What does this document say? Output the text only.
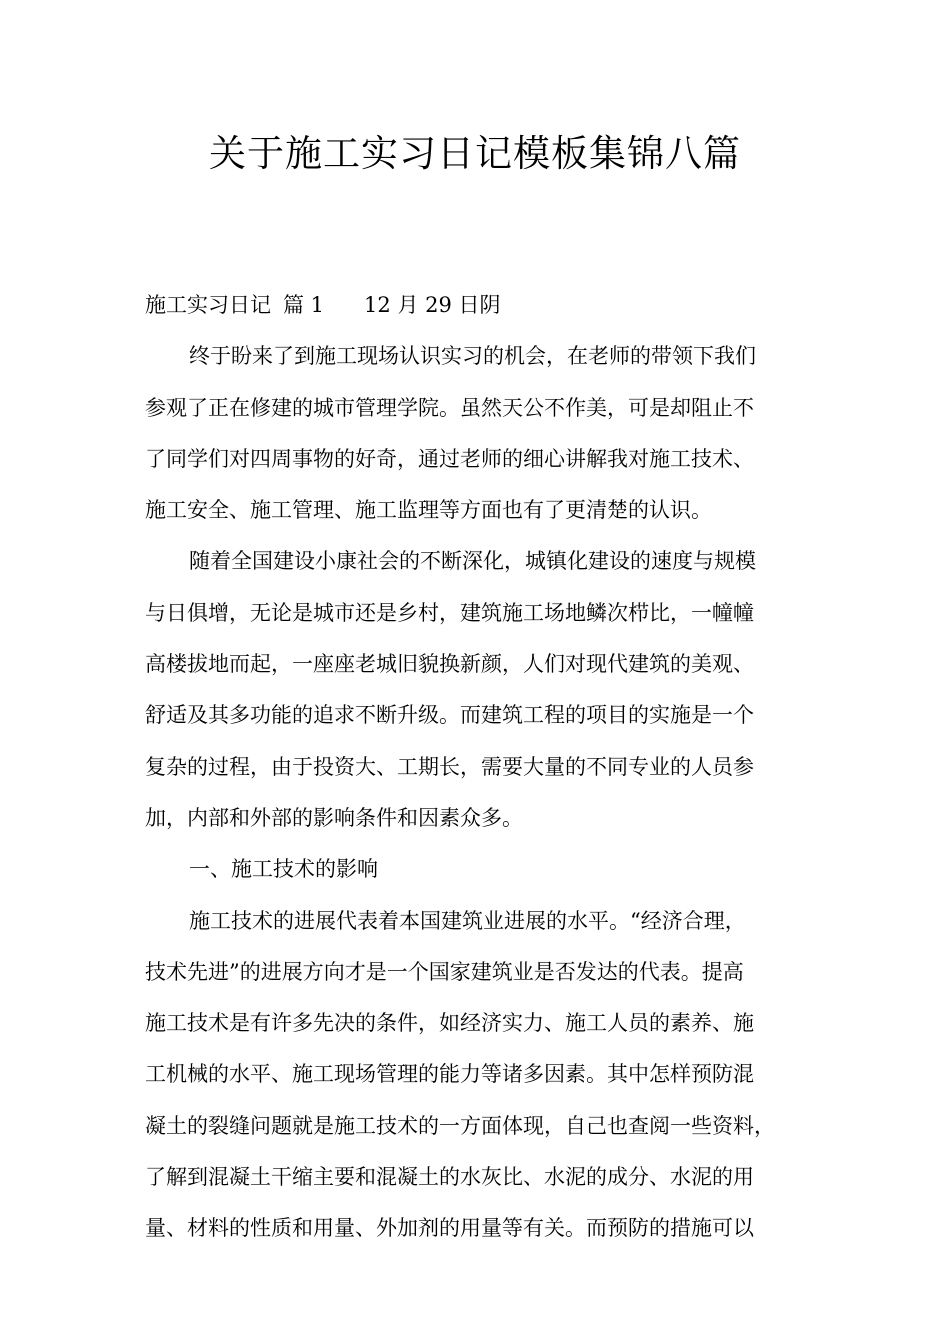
关于施工实习日记模板集锦八篇
施工实习日记 篇 1 12 月 29 日阴
终于盼来了到施工现场认识实习的机会，在老师的带领下我们
参观了正在修建的城市管理学院。虽然天公不作美，可是却阻止不
了同学们对四周事物的好奇，通过老师的细心讲解我对施工技术、
施工安全、施工管理、施工监理等方面也有了更清楚的认识。
随着全国建设小康社会的不断深化，城镇化建设的速度与规模
与日俱增，无论是城市还是乡村，建筑施工场地鳞次栉比，一幢幢
高楼拔地而起，一座座老城旧貌换新颜，人们对现代建筑的美观、
舒适及其多功能的追求不断升级。而建筑工程的项目的实施是一个
复杂的过程，由于投资大、工期长，需要大量的不同专业的人员参
加，内部和外部的影响条件和因素众多。
一、施工技术的影响
施工技术的进展代表着本国建筑业进展的水平。“经济合理，
技术先进”的进展方向才是一个国家建筑业是否发达的代表。提高
施工技术是有许多先决的条件，如经济实力、施工人员的素养、施
工机械的水平、施工现场管理的能力等诸多因素。其中怎样预防混
凝土的裂缝问题就是施工技术的一方面体现，自己也查阅一些资料，
了解到混凝土干缩主要和混凝土的水灰比、水泥的成分、水泥的用
量、材料的性质和用量、外加剂的用量等有关。而预防的措施可以
